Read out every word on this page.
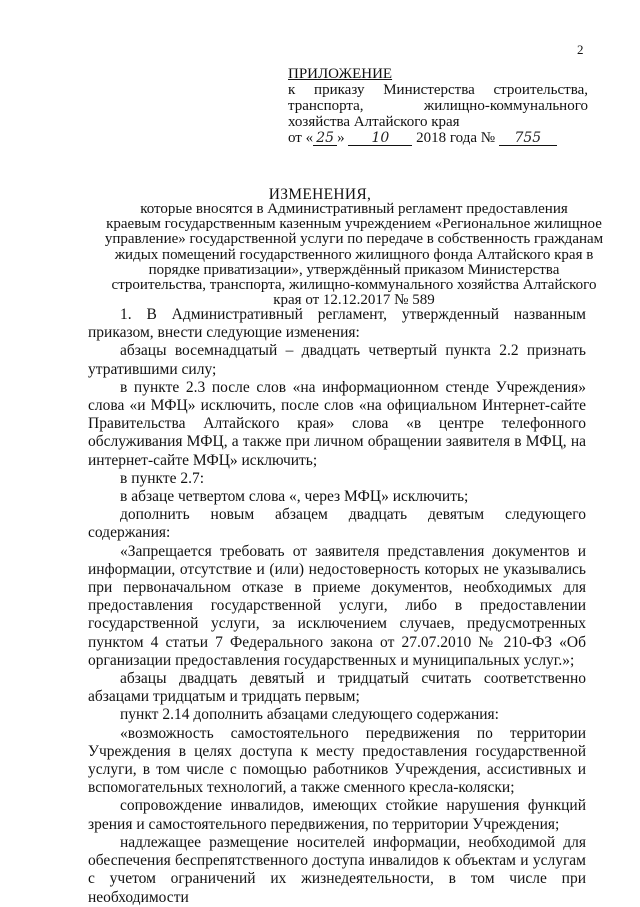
2
ПРИЛОЖЕНИЕ
к приказу Министерства строительства,
транспорта, жилищно-коммунального
хозяйства Алтайского края
от « 25 » 10 2018 года № 755
ИЗМЕНЕНИЯ,
которые вносятся в Административный регламент предоставления
краевым государственным казенным учреждением «Региональное жилищное
управление» государственной услуги по передаче в собственность гражданам
жидых помещений государственного жилищного фонда Алтайского края в
порядке приватизации», утверждённый приказом Министерства
строительства, транспорта, жилищно-коммунального хозяйства Алтайского
края от 12.12.2017 № 589

1. В Административный регламент, утвержденный названным приказом, внести следующие изменения:

абзацы восемнадцатый – двадцать четвертый пункта 2.2 признать утратившими силу;

в пункте 2.3 после слов «на информационном стенде Учреждения» слова «и МФЦ» исключить, после слов «на официальном Интернет-сайте Правительства Алтайского края» слова «в центре телефонного обслуживания МФЦ, а также при личном обращении заявителя в МФЦ, на интернет-сайте МФЦ» исключить;

в пункте 2.7:

в абзаце четвертом слова «, через МФЦ» исключить;

дополнить новым абзацем двадцать девятым следующего содержания:

«Запрещается требовать от заявителя представления документов и информации, отсутствие и (или) недостоверность которых не указывались при первоначальном отказе в приеме документов, необходимых для предоставления государственной услуги, либо в предоставлении государственной услуги, за исключением случаев, предусмотренных пунктом 4 статьи 7 Федерального закона от 27.07.2010 № 210-ФЗ «Об организации предоставления государственных и муниципальных услуг.»;

абзацы двадцать девятый и тридцатый считать соответственно абзацами тридцатым и тридцать первым;

пункт 2.14 дополнить абзацами следующего содержания:

«возможность самостоятельного передвижения по территории Учреждения в целях доступа к месту предоставления государственной услуги, в том числе с помощью работников Учреждения, ассистивных и вспомогательных технологий, а также сменного кресла-коляски;

сопровождение инвалидов, имеющих стойкие нарушения функций зрения и самостоятельного передвижения, по территории Учреждения;

надлежащее размещение носителей информации, необходимой для обеспечения беспрепятственного доступа инвалидов к объектам и услугам с учетом ограничений их жизнедеятельности, в том числе при необходимости
